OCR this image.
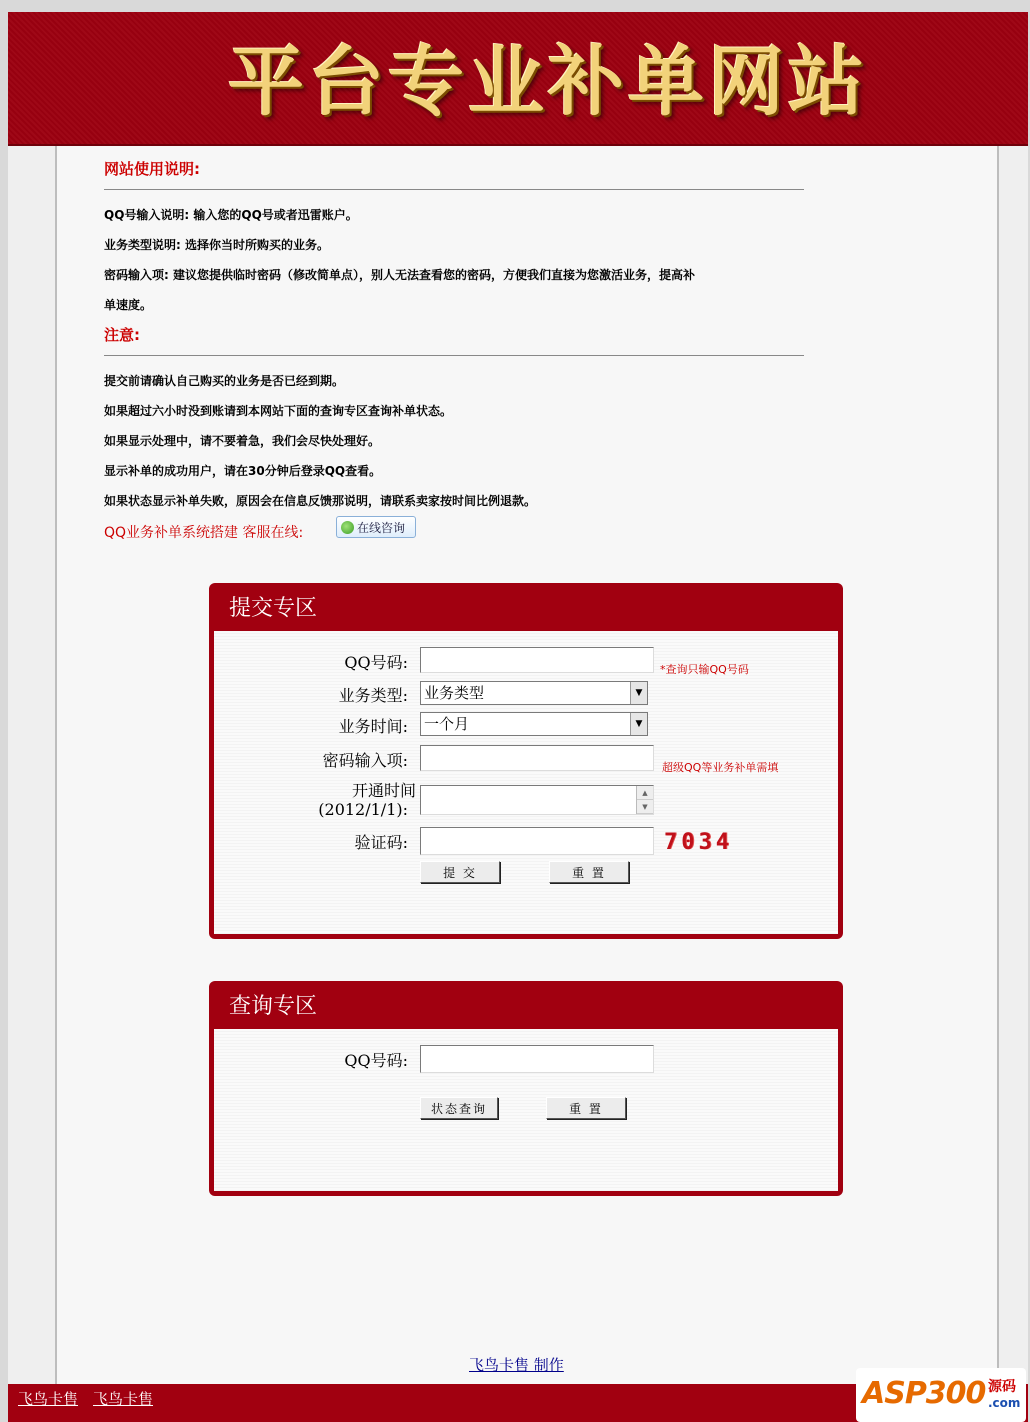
平台专业补单网站
网站使用说明:
QQ号输入说明: 输入您的QQ号或者迅雷账户。
业务类型说明: 选择你当时所购买的业务。
密码输入项: 建议您提供临时密码（修改简单点），别人无法查看您的密码，方便我们直接为您激活业务，提高补
单速度。
注意:
提交前请确认自己购买的业务是否已经到期。
如果超过六小时没到账请到本网站下面的查询专区查询补单状态。
如果显示处理中，请不要着急，我们会尽快处理好。
显示补单的成功用户，请在30分钟后登录QQ查看。
如果状态显示补单失败，原因会在信息反馈那说明，请联系卖家按时间比例退款。
QQ业务补单系统搭建 客服在线:	在线咨询
提交专区
QQ号码:	*查询只输QQ号码
业务类型: 业务类型	▼
业务时间: 一个月	▼
密码输入项:	超级QQ等业务补单需填
开通时间
(2012/1/1):
▲
▼
验证码:	7034
提 交	重 置
查询专区
QQ号码:
状态查询	重 置
飞鸟卡售 制作
飞鸟卡售 飞鸟卡售	ASP300 源码
.com
